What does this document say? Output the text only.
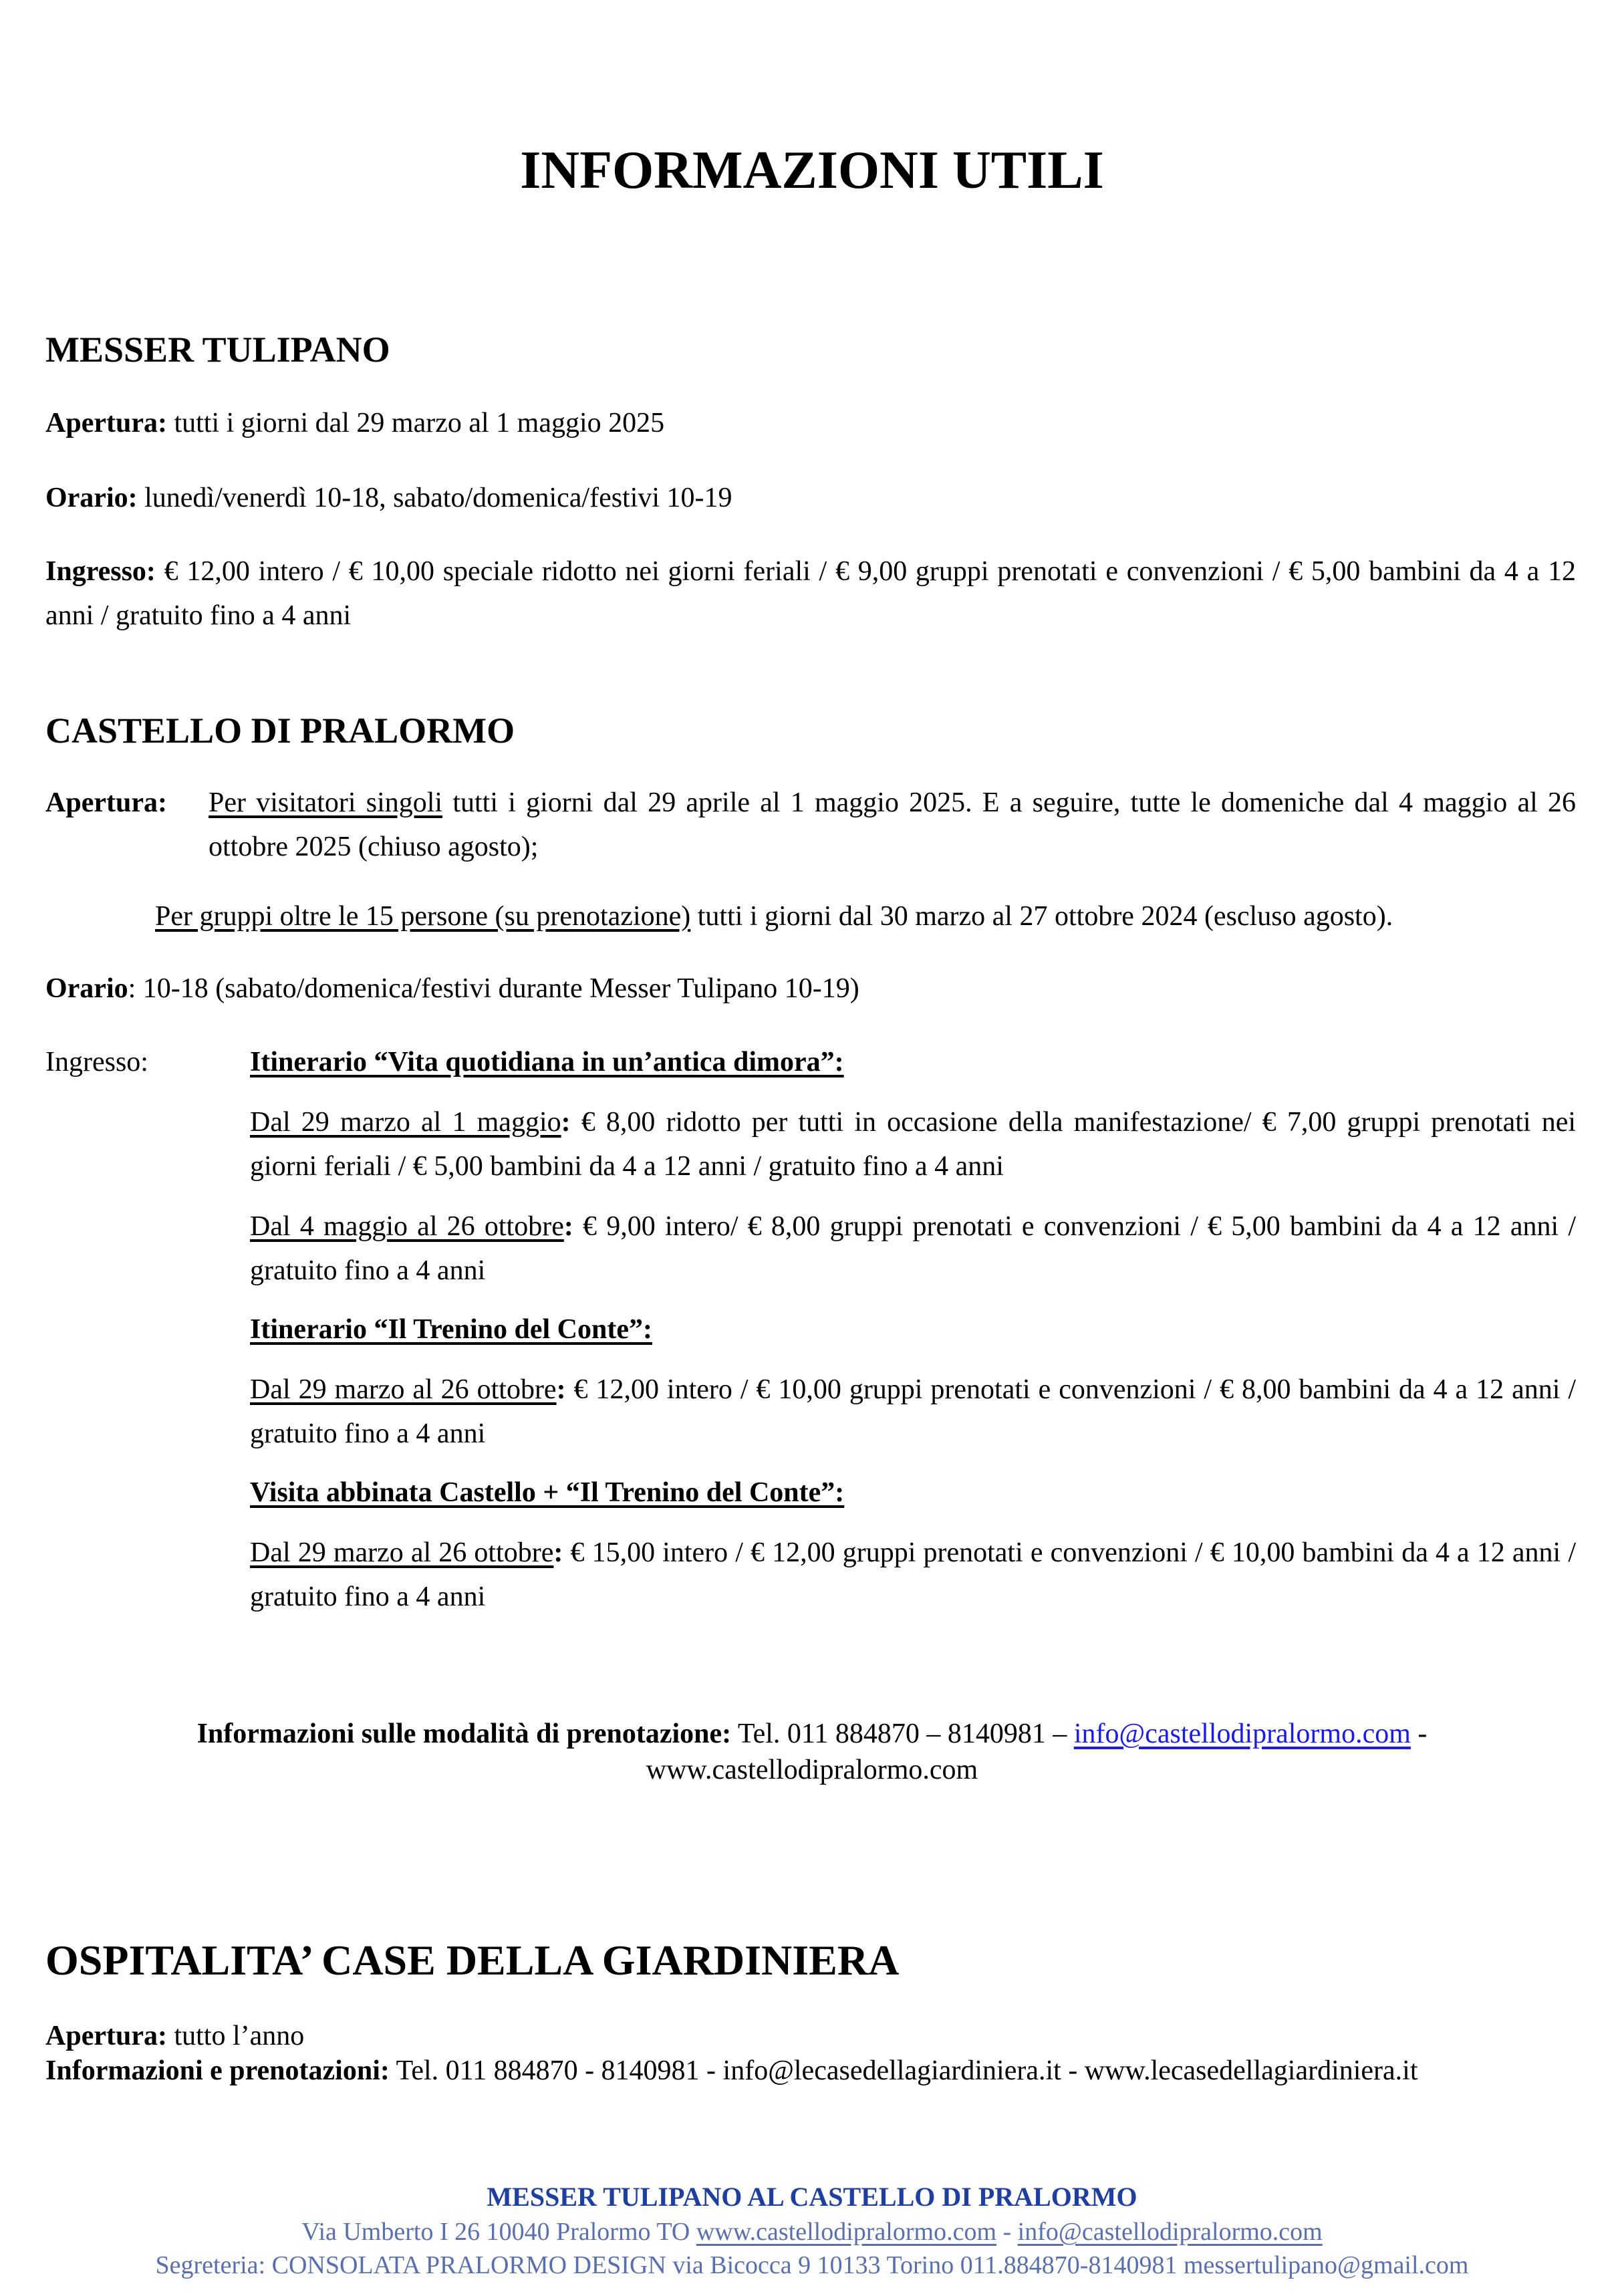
INFORMAZIONI UTILI
MESSER TULIPANO
Apertura: tutti i giorni dal 29 marzo al 1 maggio 2025
Orario: lunedì/venerdì 10-18, sabato/domenica/festivi 10-19
Ingresso: € 12,00 intero / € 10,00 speciale ridotto nei giorni feriali / € 9,00 gruppi prenotati e convenzioni / € 5,00 bambini da 4 a 12 anni / gratuito fino a 4 anni
CASTELLO DI PRALORMO
Apertura: Per visitatori singoli tutti i giorni dal 29 aprile al 1 maggio 2025. E a seguire, tutte le domeniche dal 4 maggio al 26 ottobre 2025 (chiuso agosto);
Per gruppi oltre le 15 persone (su prenotazione) tutti i giorni dal 30 marzo al 27 ottobre 2024 (escluso agosto).
Orario: 10-18 (sabato/domenica/festivi durante Messer Tulipano 10-19)
Ingresso:	Itinerario “Vita quotidiana in un’antica dimora”:
Dal 29 marzo al 1 maggio: € 8,00 ridotto per tutti in occasione della manifestazione/ € 7,00 gruppi prenotati nei giorni feriali / € 5,00 bambini da 4 a 12 anni / gratuito fino a 4 anni
Dal 4 maggio al 26 ottobre: € 9,00 intero/ € 8,00 gruppi prenotati e convenzioni / € 5,00 bambini da 4 a 12 anni / gratuito fino a 4 anni
Itinerario “Il Trenino del Conte”:
Dal 29 marzo al 26 ottobre: € 12,00 intero / € 10,00 gruppi prenotati e convenzioni / € 8,00 bambini da 4 a 12 anni / gratuito fino a 4 anni
Visita abbinata Castello + “Il Trenino del Conte”:
Dal 29 marzo al 26 ottobre: € 15,00 intero / € 12,00 gruppi prenotati e convenzioni / € 10,00 bambini da 4 a 12 anni / gratuito fino a 4 anni
Informazioni sulle modalità di prenotazione: Tel. 011 884870 – 8140981 – info@castellodipralormo.com -
www.castellodipralormo.com
OSPITALITA’ CASE DELLA GIARDINIERA
Apertura: tutto l’anno
Informazioni e prenotazioni: Tel. 011 884870 - 8140981 - info@lecasedellagiardiniera.it - www.lecasedellagiardiniera.it
MESSER TULIPANO AL CASTELLO DI PRALORMO
Via Umberto I 26 10040 Pralormo TO www.castellodipralormo.com - info@castellodipralormo.com
Segreteria: CONSOLATA PRALORMO DESIGN via Bicocca 9 10133 Torino 011.884870-8140981 messertulipano@gmail.com
